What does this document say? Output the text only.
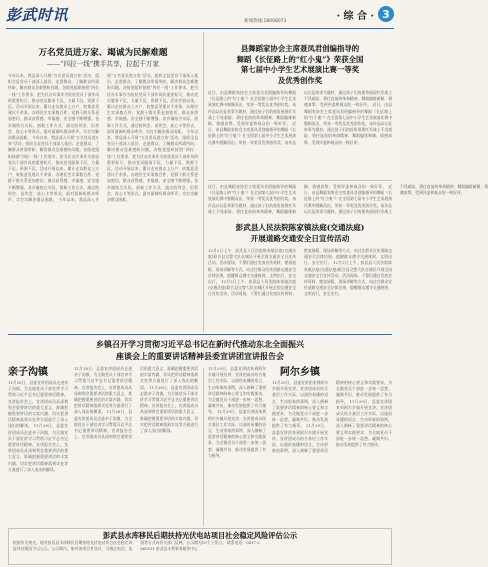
彭武时讯	新闻热线:18008073	· 综 合 · 3
万名党员进万家、竭诚为民解难题
——“四拉一线”携手共享，拉起千万家
今年以来，我县深入开展“万名党员进万家”活动，组织全县党员干部深入基层、走进群众，了解群众所需所盼，解决群众急难愁盼问题。各级党组织按照“四拉一线”工作要求，把为民办实事作为检验党员干部作风的重要标尺，推动党员服务下沉、力量下沉、资源下沉。活动开展以来，累计走访群众上万户，收集意见建议千余条，办理民生实事数百件，党群干群关系更加密切，群众获得感、幸福感、安全感不断增强。各乡镇结合实际，创新工作方式，通过院坝会、田坎会、连心卡等形式，面对面倾听群众呼声，实打实解决群众困难。 今年以来，我县深入开展“万名党员进万家”活动，组织全县党员干部深入基层、走进群众，了解群众所需所盼，解决群众急难愁盼问题。各级党组织按照“四拉一线”工作要求，把为民办实事作为检验党员干部作风的重要标尺，推动党员服务下沉、力量下沉、资源下沉。活动开展以来，累计走访群众上万户，收集意见建议千余条，办理民生实事数百件，党群干群关系更加密切，群众获得感、幸福感、安全感不断增强。各乡镇结合实际，创新工作方式，通过院坝会、田坎会、连心卡等形式，面对面倾听群众呼声，实打实解决群众困难。 今年以来，我县深入开展“万名党员进万家”活动，组织全县党员干部深入基层、走进群众，了解群众所需所盼，解决群众急难愁盼问题。各级党组织按照“四拉一线”工作要求，把为民办实事作为检验党员干部作风的重要标尺，推动党员服务下沉、力量下沉、资源下沉。活动开展以来，累计走访群众上万户，收集意见建议千余条，办理民生实事数百件，党群干群关系更加密切，群众获得感、幸福感、安全感不断增强。各乡镇结合实际，创新工作方式，通过院坝会、田坎会、连心卡等形式，面对面倾听群众呼声，实打实解决群众困难。 今年以来，我县深入开展“万名党员进万家”活动，组织全县党员干部深入基层、走进群众，了解群众所需所盼，解决群众急难愁盼问题。各级党组织按照“四拉一线”工作要求，把为民办实事作为检验党员干部作风的重要标尺，推动党员服务下沉、力量下沉、资源下沉。活动开展以来，累计走访群众上万户，收集意见建议千余条，办理民生实事数百件，党群干群关系更加密切，群众获得感、幸福感、安全感不断增强。各乡镇结合实际，创新工作方式，通过院坝会、田坎会、连心卡等形式，面对面倾听群众呼声，实打实解决群众困难。
县舞蹈家协会主席聂凤君创编指导的
舞蹈《长征路上的“红小鬼”》荣获全国
第七届中小学生艺术展演比赛一等奖
及优秀创作奖
近日，由县舞蹈家协会主席聂凤君创编指导的舞蹈《长征路上的“红小鬼”》在全国第七届中小学生艺术展演比赛中脱颖而出，荣获一等奖及优秀创作奖。该作品以长征故事为题材，通过孩子们的视角展现红军战士不畏艰险、勇往直前的革命精神，舞蹈编排新颖、情感真挚，受到评委和观众的一致好评。 近日，由县舞蹈家协会主席聂凤君创编指导的舞蹈《长征路上的“红小鬼”》在全国第七届中小学生艺术展演比赛中脱颖而出，荣获一等奖及优秀创作奖。该作品以长征故事为题材，通过孩子们的视角展现红军战士不畏艰险、勇往直前的革命精神，舞蹈编排新颖、情感真挚，受到评委和观众的一致好评。 近日，由县舞蹈家协会主席聂凤君创编指导的舞蹈《长征路上的“红小鬼”》在全国第七届中小学生艺术展演比赛中脱颖而出，荣获一等奖及优秀创作奖。该作品以长征故事为题材，通过孩子们的视角展现红军战士不畏艰险、勇往直前的革命精神，舞蹈编排新颖、情感真挚，受到评委和观众的一致好评。
彭武县人民法院陈家镇法庭(交通法庭)
开展道路交通安全日宣传活动
12月2日上午，彭武县人民法院陈家镇法庭(交通法庭)联合县交警大队在城区开展全国交通安全日宣传活动。活动现场，干警们通过发放宣传资料、摆放展板、现场讲解等方式，向过往群众宣传道路交通安全法律法规，提醒群众遵守交通规则，文明出行，安全出行。 12月2日上午，彭武县人民法院陈家镇法庭(交通法庭)联合县交警大队在城区开展全国交通安全日宣传活动。活动现场，干警们通过发放宣传资料、摆放展板、现场讲解等方式，向过往群众宣传道路交通安全法律法规，提醒群众遵守交通规则，文明出行，安全出行。 12月2日上午，彭武县人民法院陈家镇法庭(交通法庭)联合县交警大队在城区开展全国交通安全日宣传活动。活动现场，干警们通过发放宣传资料、摆放展板、现场讲解等方式，向过往群众宣传道路交通安全法律法规，提醒群众遵守交通规则，文明出行，安全出行。
近日，由县舞蹈家协会主席聂凤君创编指导的舞蹈《长征路上的“红小鬼”》在全国第七届中小学生艺术展演比赛中脱颖而出，荣获一等奖及优秀创作奖。该作品以长征故事为题材，通过孩子们的视角展现红军战士不畏艰险、勇往直前的革命精神，舞蹈编排新颖、情感真挚，受到评委和观众的一致好评。 近日，由县舞蹈家协会主席聂凤君创编指导的舞蹈《长征路上的“红小鬼”》在全国第七届中小学生艺术展演比赛中脱颖而出，荣获一等奖及优秀创作奖。该作品以长征故事为题材，通过孩子们的视角展现红军战士不畏艰险、勇往直前的革命精神，舞蹈编排新颖、情感真挚，受到评委和观众的一致好评。
乡镇召开学习贯彻习近平总书记在新时代推动东北全面振兴
座谈会上的重要讲话精神县委宣讲团宣讲报告会
亲子沟镇
11月28日，县委宣讲团成员走进亲子沟镇，为全镇党员干部宣讲学习贯彻习近平总书记重要讲话精神。宣讲报告会上，宣讲团成员从深刻领会重要讲话的重大意义、准确把握重要讲话的丰富内涵、切实把讲话精神落到实处等方面进行了深入浅出的解读。 11月28日，县委宣讲团成员走进亲子沟镇，为全镇党员干部宣讲学习贯彻习近平总书记重要讲话精神。宣讲报告会上，宣讲团成员从深刻领会重要讲话的重大意义、准确把握重要讲话的丰富内涵、切实把讲话精神落到实处等方面进行了深入浅出的解读。
11月28日，县委宣讲团成员走进亲子沟镇，为全镇党员干部宣讲学习贯彻习近平总书记重要讲话精神。宣讲报告会上，宣讲团成员从深刻领会重要讲话的重大意义、准确把握重要讲话的丰富内涵、切实把讲话精神落到实处等方面进行了深入浅出的解读。 11月28日，县委宣讲团成员走进亲子沟镇，为全镇党员干部宣讲学习贯彻习近平总书记重要讲话精神。宣讲报告会上，宣讲团成员从深刻领会重要讲话的重大意义、准确把握重要讲话的丰富内涵、切实把讲话精神落到实处等方面进行了深入浅出的解读。 11月28日，县委宣讲团成员走进亲子沟镇，为全镇党员干部宣讲学习贯彻习近平总书记重要讲话精神。宣讲报告会上，宣讲团成员从深刻领会重要讲话的重大意义、准确把握重要讲话的丰富内涵、切实把讲话精神落到实处等方面进行了深入浅出的解读。
11月29日，县委宣讲团来到阿尔乡镇开展宣讲。宣讲团成员结合基层工作实际，以通俗易懂的语言，生动形象的事例，深入阐释了重要讲话精神的核心要义和实践要求，为全镇党员干部进一步统一思想、凝聚共识、推动发展提供了有力指导。 11月29日，县委宣讲团来到阿尔乡镇开展宣讲。宣讲团成员结合基层工作实际，以通俗易懂的语言，生动形象的事例，深入阐释了重要讲话精神的核心要义和实践要求，为全镇党员干部进一步统一思想、凝聚共识、推动发展提供了有力指导。
阿尔乡镇
11月29日，县委宣讲团来到阿尔乡镇开展宣讲。宣讲团成员结合基层工作实际，以通俗易懂的语言，生动形象的事例，深入阐释了重要讲话精神的核心要义和实践要求，为全镇党员干部进一步统一思想、凝聚共识、推动发展提供了有力指导。 11月29日，县委宣讲团来到阿尔乡镇开展宣讲。宣讲团成员结合基层工作实际，以通俗易懂的语言，生动形象的事例，深入阐释了重要讲话精神的核心要义和实践要求，为全镇党员干部进一步统一思想、凝聚共识、推动发展提供了有力指导。 11月29日，县委宣讲团来到阿尔乡镇开展宣讲。宣讲团成员结合基层工作实际，以通俗易懂的语言，生动形象的事例，深入阐释了重要讲话精神的核心要义和实践要求，为全镇党员干部进一步统一思想、凝聚共识、推动发展提供了有力指导。
彭武县水库移民后期扶持光伏电站项目社会稳定风险评估公示
根据有关规定，现对彭武县水库移民后期扶持光伏电站项目社会稳定风险评估情况予以公示。公示期内，如对该项目有异议，可通过电话、信函等方式向有关部门反映。公示期为10个工作日。 联系电话：0417-2665531 彭武县水利事务服务中心
